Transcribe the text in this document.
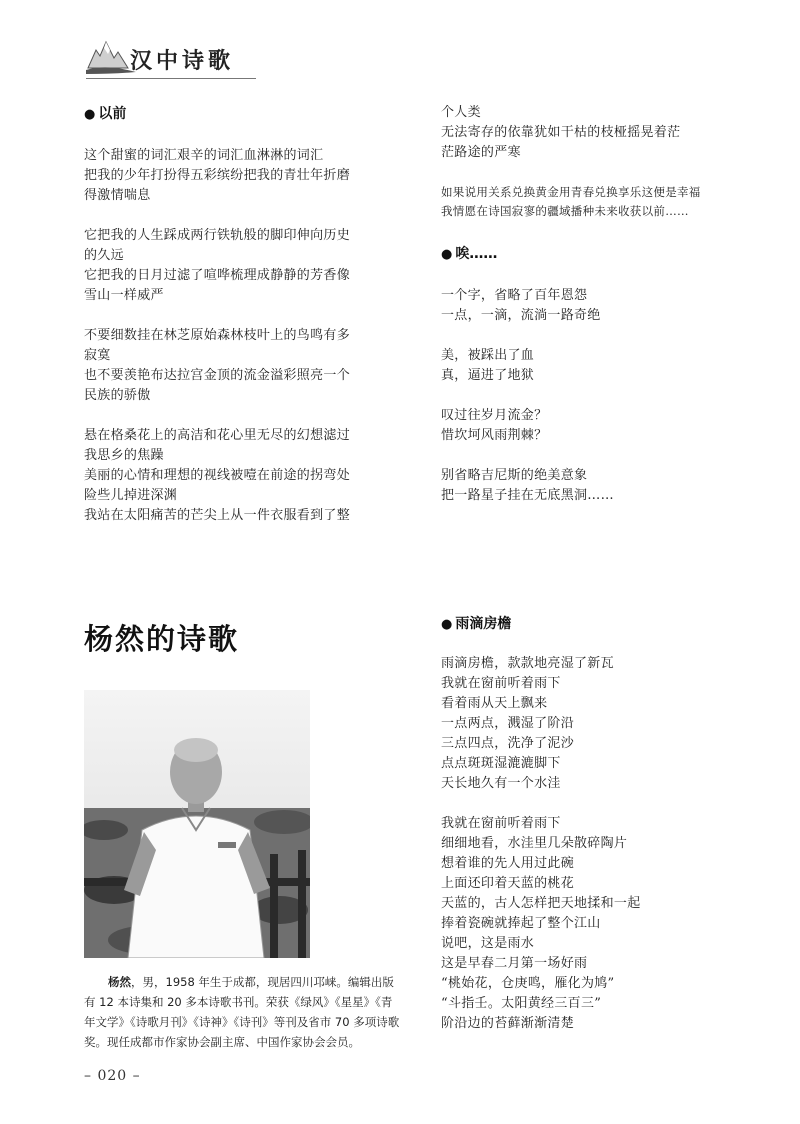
汉中诗歌
● 以前

这个甜蜜的词汇艰辛的词汇血淋淋的词汇

把我的少年打扮得五彩缤纷把我的青壮年折磨

得激情喘息

它把我的人生踩成两行铁轨般的脚印伸向历史

的久远

它把我的日月过滤了喧哗梳理成静静的芳香像

雪山一样威严

不要细数挂在林芝原始森林枝叶上的鸟鸣有多

寂寞

也不要羡艳布达拉宫金顶的流金溢彩照亮一个

民族的骄傲

悬在格桑花上的高洁和花心里无尽的幻想滤过

我思乡的焦躁

美丽的心情和理想的视线被噎在前途的拐弯处

险些儿掉进深渊

我站在太阳痛苦的芒尖上从一件衣服看到了整

个人类

无法寄存的依靠犹如干枯的枝桠摇晃着茫

茫路途的严寒

如果说用关系兑换黄金用青春兑换享乐这便是幸福

我情愿在诗国寂寥的疆域播种未来收获以前……

● 唉……

一个字，省略了百年恩怨

一点，一滴，流淌一路奇绝

美，被踩出了血

真，逼进了地狱

叹过往岁月流金？

惜坎坷风雨荆棘？

别省略吉尼斯的绝美意象

把一路星子挂在无底黑洞……

杨然的诗歌

杨然，男，1958 年生于成都，现居四川邛崃。编辑出版有 12 本诗集和 20 多本诗歌书刊。荣获《绿风》《星星》《青年文学》《诗歌月刊》《诗神》《诗刊》等刊及省市 70 多项诗歌奖。现任成都市作家协会副主席、中国作家协会会员。

● 雨滴房檐

雨滴房檐，款款地亮湿了新瓦

我就在窗前听着雨下

看着雨从天上飘来

一点两点，溅湿了阶沿

三点四点，洗净了泥沙

点点斑斑湿漉漉脚下

天长地久有一个水洼

我就在窗前听着雨下

细细地看，水洼里几朵散碎陶片

想着谁的先人用过此碗

上面还印着天蓝的桃花

天蓝的，古人怎样把天地揉和一起

捧着瓷碗就捧起了整个江山

说吧，这是雨水

这是早春二月第一场好雨

“桃始花，仓庚鸣，雁化为鸠”

“斗指壬。太阳黄经三百三”

阶沿边的苔藓渐渐清楚

– 020 –
